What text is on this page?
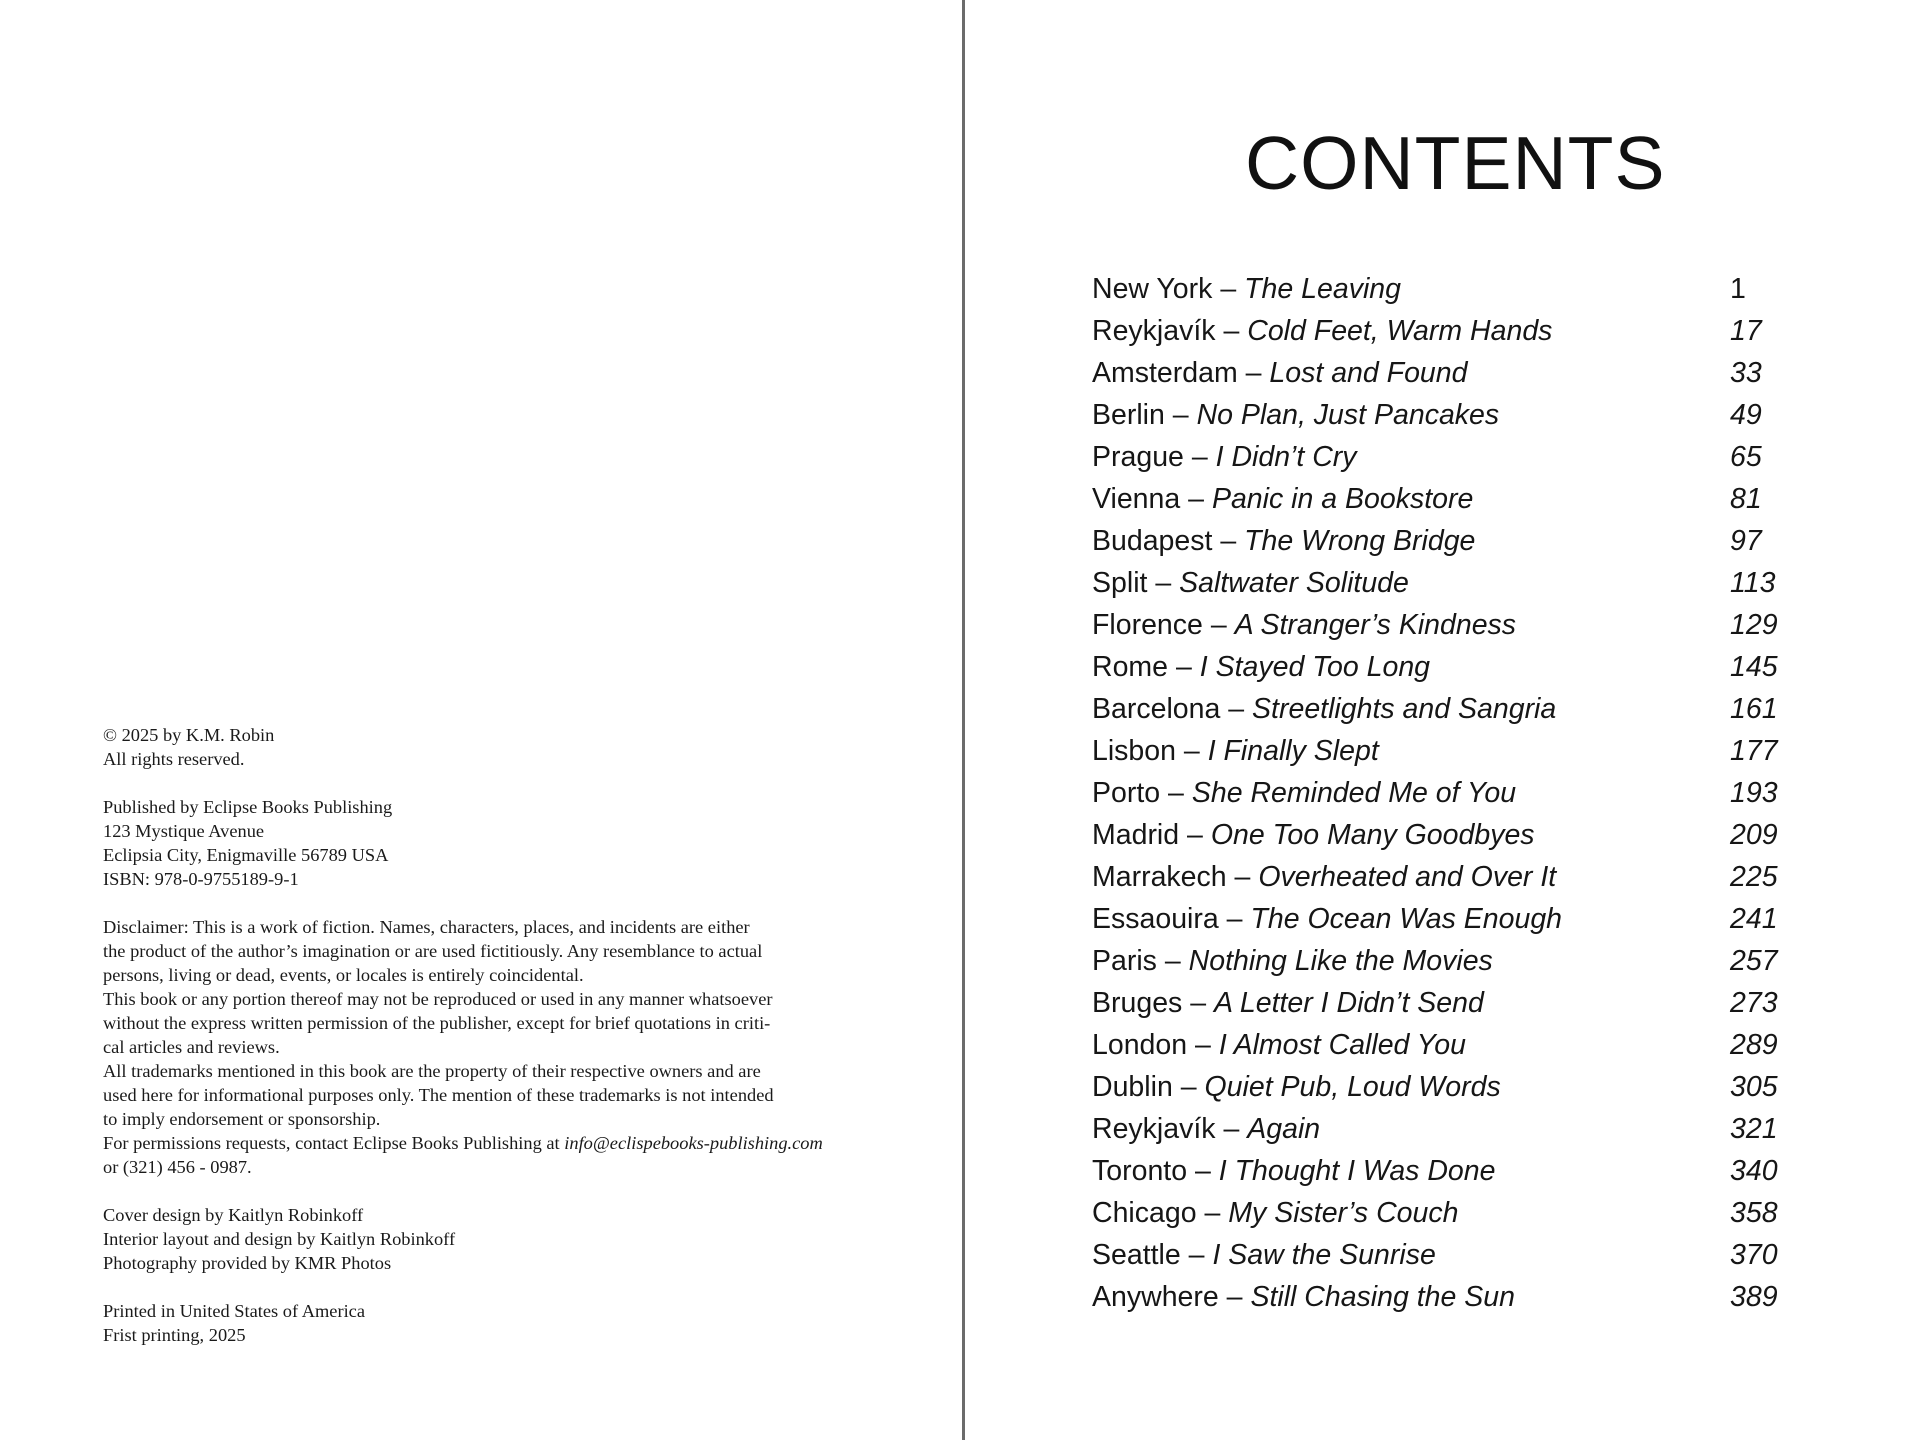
© 2025 by K.M. Robin
All rights reserved.

Published by Eclipse Books Publishing
123 Mystique Avenue
Eclipsia City, Enigmaville 56789 USA
ISBN: 978-0-9755189-9-1

Disclaimer: This is a work of fiction. Names, characters, places, and incidents are either
the product of the author’s imagination or are used fictitiously. Any resemblance to actual
persons, living or dead, events, or locales is entirely coincidental.
This book or any portion thereof may not be reproduced or used in any manner whatsoever
without the express written permission of the publisher, except for brief quotations in criti-
cal articles and reviews.
All trademarks mentioned in this book are the property of their respective owners and are
used here for informational purposes only. The mention of these trademarks is not intended
to imply endorsement or sponsorship.
For permissions requests, contact Eclipse Books Publishing at info@eclispebooks-publishing.com
or (321) 456 - 0987.

Cover design by Kaitlyn Robinkoff
Interior layout and design by Kaitlyn Robinkoff
Photography provided by KMR Photos

Printed in United States of America
Frist printing, 2025

CONTENTS
New York – The Leaving	1
Reykjavík – Cold Feet, Warm Hands	17
Amsterdam – Lost and Found	33
Berlin – No Plan, Just Pancakes	49
Prague – I Didn’t Cry	65
Vienna – Panic in a Bookstore	81
Budapest – The Wrong Bridge	97
Split – Saltwater Solitude	113
Florence – A Stranger’s Kindness	129
Rome – I Stayed Too Long	145
Barcelona – Streetlights and Sangria	161
Lisbon – I Finally Slept	177
Porto – She Reminded Me of You	193
Madrid – One Too Many Goodbyes	209
Marrakech – Overheated and Over It	225
Essaouira – The Ocean Was Enough	241
Paris – Nothing Like the Movies	257
Bruges – A Letter I Didn’t Send	273
London – I Almost Called You	289
Dublin – Quiet Pub, Loud Words	305
Reykjavík – Again	321
Toronto – I Thought I Was Done	340
Chicago – My Sister’s Couch	358
Seattle – I Saw the Sunrise	370
Anywhere – Still Chasing the Sun	389
